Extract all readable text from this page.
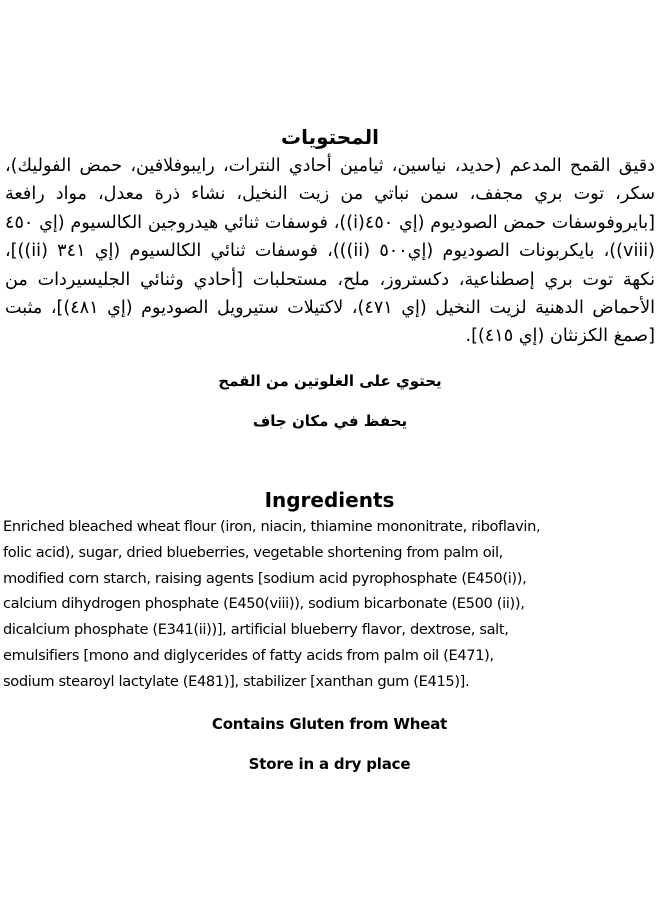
المحتويات

دقيق القمح المدعم (حديد، نياسين، ثيامين أحادي النترات، رايبوفلافين، حمض الفوليك)، سكر، توت بري مجفف، سمن نباتي من زيت النخيل، نشاء ذرة معدل، مواد رافعة [بايروفوسفات حمض الصوديوم (إي ٤٥٠(i))، فوسفات ثنائي هيدروجين الكالسيوم (إي ٤٥٠ (viii))، بايكربونات الصوديوم (إي٥٠٠ (ii)))، فوسفات ثنائي الكالسيوم (إي ٣٤١ (ii))]، نكهة توت بري إصطناعية، دكستروز، ملح، مستحلبات [أحادي وثنائي الجليسيردات من الأحماض الدهنية لزيت النخيل (إي ٤٧١)، لاكتيلات ستيرويل الصوديوم (إي ٤٨١)]، مثبت [صمغ الكزنثان (إي ٤١٥)].

يحتوي على الغلوتين من القمح

يحفظ في مكان جاف

Ingredients

Enriched bleached wheat flour (iron, niacin, thiamine mononitrate, riboflavin,

folic acid), sugar, dried blueberries, vegetable shortening from palm oil,

modified corn starch, raising agents [sodium acid pyrophosphate (E450(i)),

calcium dihydrogen phosphate (E450(viii)), sodium bicarbonate (E500 (ii)),

dicalcium phosphate (E341(ii))], artificial blueberry flavor, dextrose, salt,

emulsifiers [mono and diglycerides of fatty acids from palm oil (E471),

sodium stearoyl lactylate (E481)], stabilizer [xanthan gum (E415)].

Contains Gluten from Wheat

Store in a dry place
